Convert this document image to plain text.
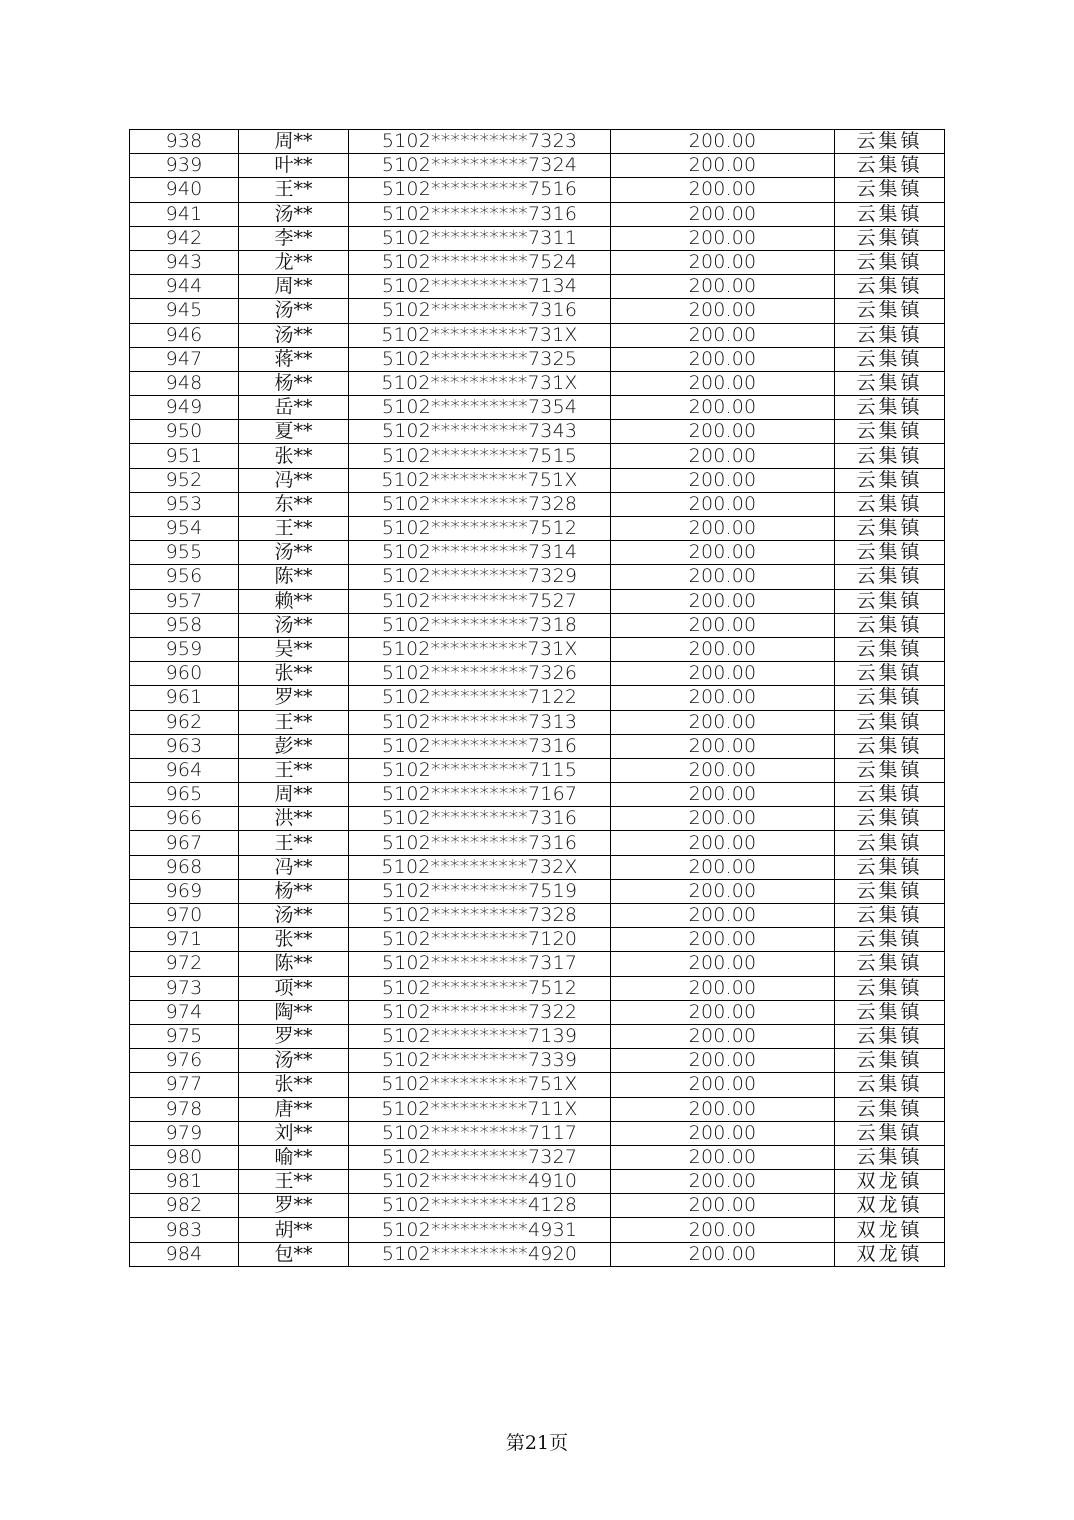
938	周**	5102**********7323	200.00	云集镇
939	叶**	5102**********7324	200.00	云集镇
940	王**	5102**********7516	200.00	云集镇
941	汤**	5102**********7316	200.00	云集镇
942	李**	5102**********7311	200.00	云集镇
943	龙**	5102**********7524	200.00	云集镇
944	周**	5102**********7134	200.00	云集镇
945	汤**	5102**********7316	200.00	云集镇
946	汤**	5102**********731X	200.00	云集镇
947	蒋**	5102**********7325	200.00	云集镇
948	杨**	5102**********731X	200.00	云集镇
949	岳**	5102**********7354	200.00	云集镇
950	夏**	5102**********7343	200.00	云集镇
951	张**	5102**********7515	200.00	云集镇
952	冯**	5102**********751X	200.00	云集镇
953	东**	5102**********7328	200.00	云集镇
954	王**	5102**********7512	200.00	云集镇
955	汤**	5102**********7314	200.00	云集镇
956	陈**	5102**********7329	200.00	云集镇
957	赖**	5102**********7527	200.00	云集镇
958	汤**	5102**********7318	200.00	云集镇
959	吴**	5102**********731X	200.00	云集镇
960	张**	5102**********7326	200.00	云集镇
961	罗**	5102**********7122	200.00	云集镇
962	王**	5102**********7313	200.00	云集镇
963	彭**	5102**********7316	200.00	云集镇
964	王**	5102**********7115	200.00	云集镇
965	周**	5102**********7167	200.00	云集镇
966	洪**	5102**********7316	200.00	云集镇
967	王**	5102**********7316	200.00	云集镇
968	冯**	5102**********732X	200.00	云集镇
969	杨**	5102**********7519	200.00	云集镇
970	汤**	5102**********7328	200.00	云集镇
971	张**	5102**********7120	200.00	云集镇
972	陈**	5102**********7317	200.00	云集镇
973	项**	5102**********7512	200.00	云集镇
974	陶**	5102**********7322	200.00	云集镇
975	罗**	5102**********7139	200.00	云集镇
976	汤**	5102**********7339	200.00	云集镇
977	张**	5102**********751X	200.00	云集镇
978	唐**	5102**********711X	200.00	云集镇
979	刘**	5102**********7117	200.00	云集镇
980	喻**	5102**********7327	200.00	云集镇
981	王**	5102**********4910	200.00	双龙镇
982	罗**	5102**********4128	200.00	双龙镇
983	胡**	5102**********4931	200.00	双龙镇
984	包**	5102**********4920	200.00	双龙镇
第21页
